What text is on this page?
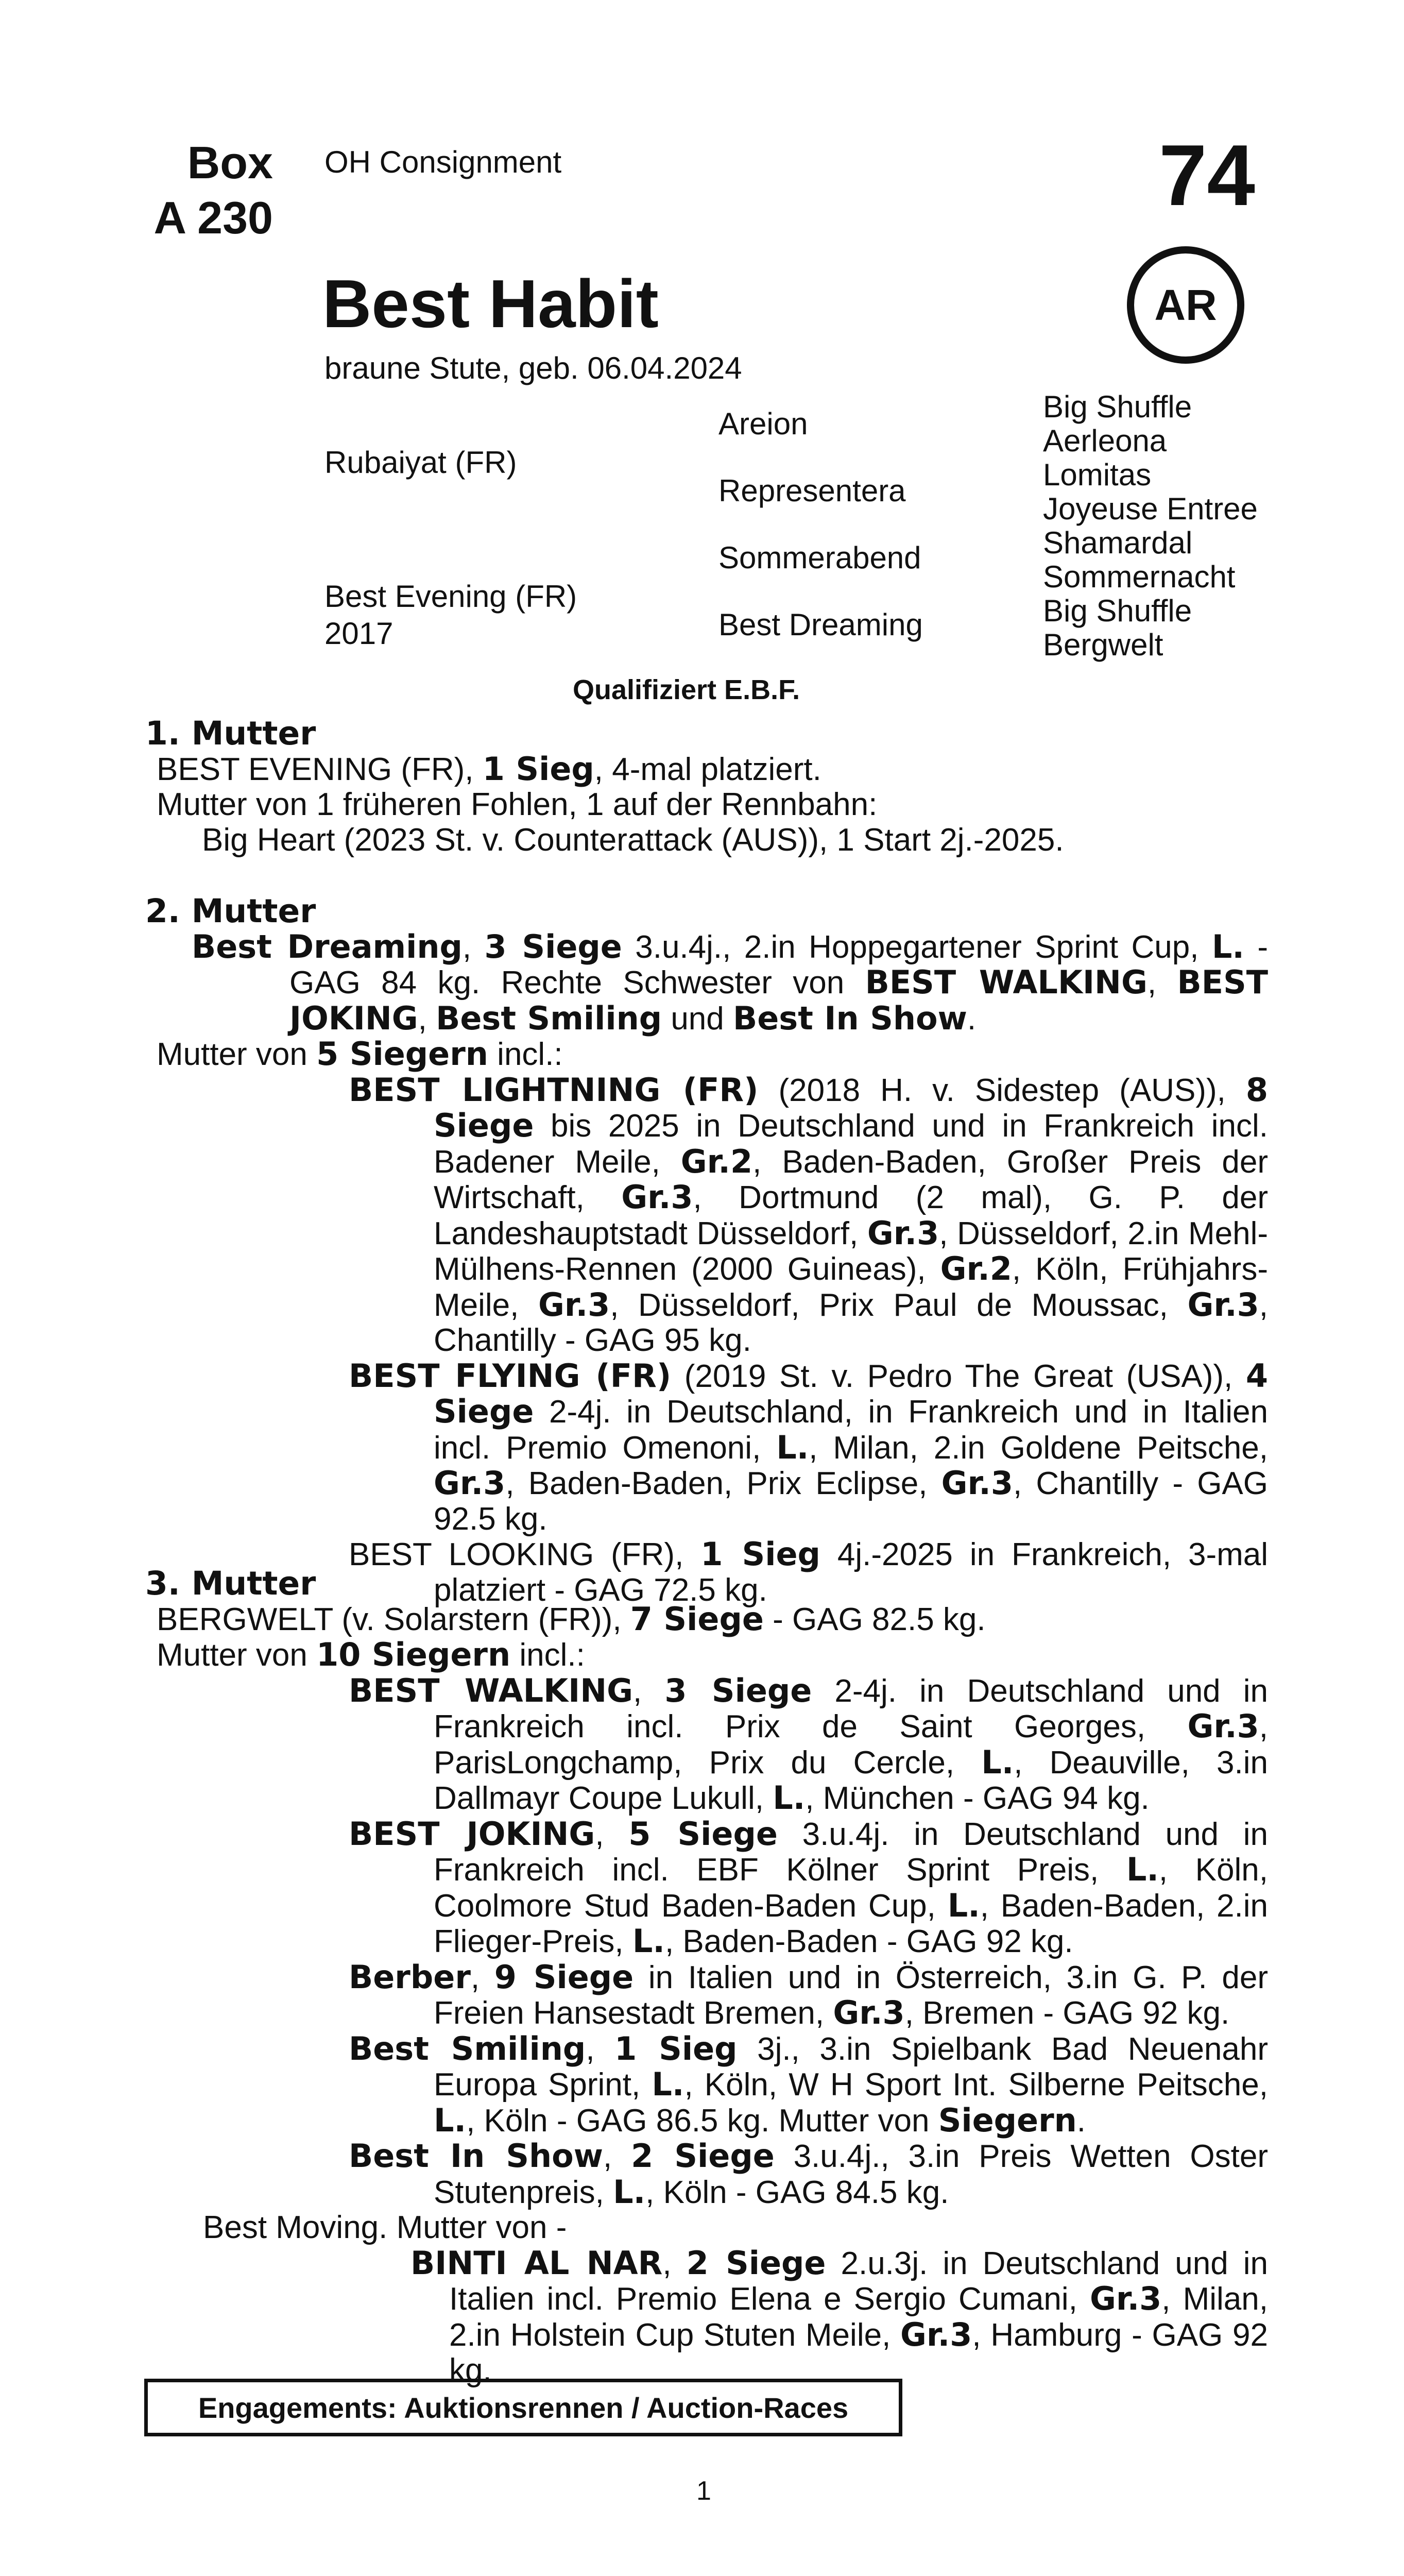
Box
A 230
OH Consignment	74
AR
Best Habit
braune Stute, geb. 06.04.2024
Rubaiyat (FR)
Best Evening (FR)
2017
Areion
Representera
Sommerabend
Best Dreaming
Big Shuffle
Aerleona
Lomitas
Joyeuse Entree
Shamardal
Sommernacht
Big Shuffle
Bergwelt
Qualifiziert E.B.F.
1. Mutter

BEST EVENING (FR), 1 Sieg, 4-mal platziert.

Mutter von 1 früheren Fohlen, 1 auf der Rennbahn:

Big Heart (2023 St. v. Counterattack (AUS)), 1 Start 2j.-2025.

2. Mutter

Best Dreaming, 3 Siege 3.u.4j., 2.in Hoppegartener Sprint Cup, L. - GAG 84 kg. Rechte Schwester von BEST WALKING, BEST JOKING, Best Smiling und Best In Show.

Mutter von 5 Siegern incl.:

BEST LIGHTNING (FR) (2018 H. v. Sidestep (AUS)), 8 Siege bis 2025 in Deutschland und in Frankreich incl. Badener Meile, Gr.2, Baden-Baden, Großer Preis der Wirtschaft, Gr.3, Dortmund (2 mal), G. P. der Landeshauptstadt Düsseldorf, Gr.3, Düsseldorf, 2.in Mehl-Mülhens-Rennen (2000 Guineas), Gr.2, Köln, Frühjahrs-Meile, Gr.3, Düsseldorf, Prix Paul de Moussac, Gr.3, Chantilly - GAG 95 kg.

BEST FLYING (FR) (2019 St. v. Pedro The Great (USA)), 4 Siege 2-4j. in Deutschland, in Frankreich und in Italien incl. Premio Omenoni, L., Milan, 2.in Goldene Peitsche, Gr.3, Baden-Baden, Prix Eclipse, Gr.3, Chantilly - GAG 92.5 kg.

BEST LOOKING (FR), 1 Sieg 4j.-2025 in Frankreich, 3-mal platziert - GAG 72.5 kg.

3. Mutter

BERGWELT (v. Solarstern (FR)), 7 Siege - GAG 82.5 kg.

Mutter von 10 Siegern incl.:

BEST WALKING, 3 Siege 2-4j. in Deutschland und in Frankreich incl. Prix de Saint Georges, Gr.3, ParisLongchamp, Prix du Cercle, L., Deauville, 3.in Dallmayr Coupe Lukull, L., München - GAG 94 kg.

BEST JOKING, 5 Siege 3.u.4j. in Deutschland und in Frankreich incl. EBF Kölner Sprint Preis, L., Köln, Coolmore Stud Baden-Baden Cup, L., Baden-Baden, 2.in Flieger-Preis, L., Baden-Baden - GAG 92 kg.

Berber, 9 Siege in Italien und in Österreich, 3.in G. P. der Freien Hansestadt Bremen, Gr.3, Bremen - GAG 92 kg.

Best Smiling, 1 Sieg 3j., 3.in Spielbank Bad Neuenahr Europa Sprint, L., Köln, W H Sport Int. Silberne Peitsche, L., Köln - GAG 86.5 kg. Mutter von Siegern.

Best In Show, 2 Siege 3.u.4j., 3.in Preis Wetten Oster Stutenpreis, L., Köln - GAG 84.5 kg.

Best Moving. Mutter von -

BINTI AL NAR, 2 Siege 2.u.3j. in Deutschland und in Italien incl. Premio Elena e Sergio Cumani, Gr.3, Milan, 2.in Holstein Cup Stuten Meile, Gr.3, Hamburg - GAG 92 kg.

Engagements: Auktionsrennen / Auction-Races
1
